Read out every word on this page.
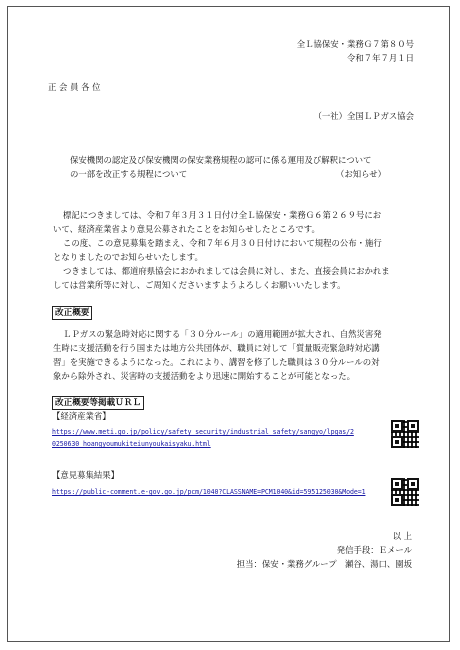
全Ｌ協保安・業務Ｇ７第８０号
令和７年７月１日
正 会 員 各 位
（一社）全国ＬＰガス協会
保安機関の認定及び保安機関の保安業務規程の認可に係る運用及び解釈について
の一部を改正する規程について	（お知らせ）
標記につきましては、令和７年３月３１日付け全Ｌ協保安・業務Ｇ６第２６９号にお
いて、経済産業省より意見公募されたことをお知らせしたところです。
この度、この意見募集を踏まえ、令和７年６月３０日付けにおいて規程の公布・施行
となりましたのでお知らせいたします。
つきましては、都道府県協会におかれましては会員に対し、また、直接会員におかれま
しては営業所等に対し、ご周知くださいますようよろしくお願いいたします。
改正概要
ＬＰガスの緊急時対応に関する「３０分ルール」の適用範囲が拡大され、自然災害発
生時に支援活動を行う国または地方公共団体が、職員に対して「質量販売緊急時対応講
習」を実施できるようになった。これにより、講習を修了した職員は３０分ルールの対
象から除外され、災害時の支援活動をより迅速に開始することが可能となった。
改正概要等掲載ＵＲＬ
【経済産業省】
https://www.meti.go.jp/policy/safety_security/industrial_safety/sangyo/lpgas/2
0250630_hoangyoumukiteiunyoukaisyaku.html
【意見募集結果】
https://public-comment.e-gov.go.jp/pcm/1040?CLASSNAME=PCM1040&id=595125030&Mode=1
以 上
発信手段：Ｅメール
担当：保安・業務グループ　瀬谷、湯口、園坂
